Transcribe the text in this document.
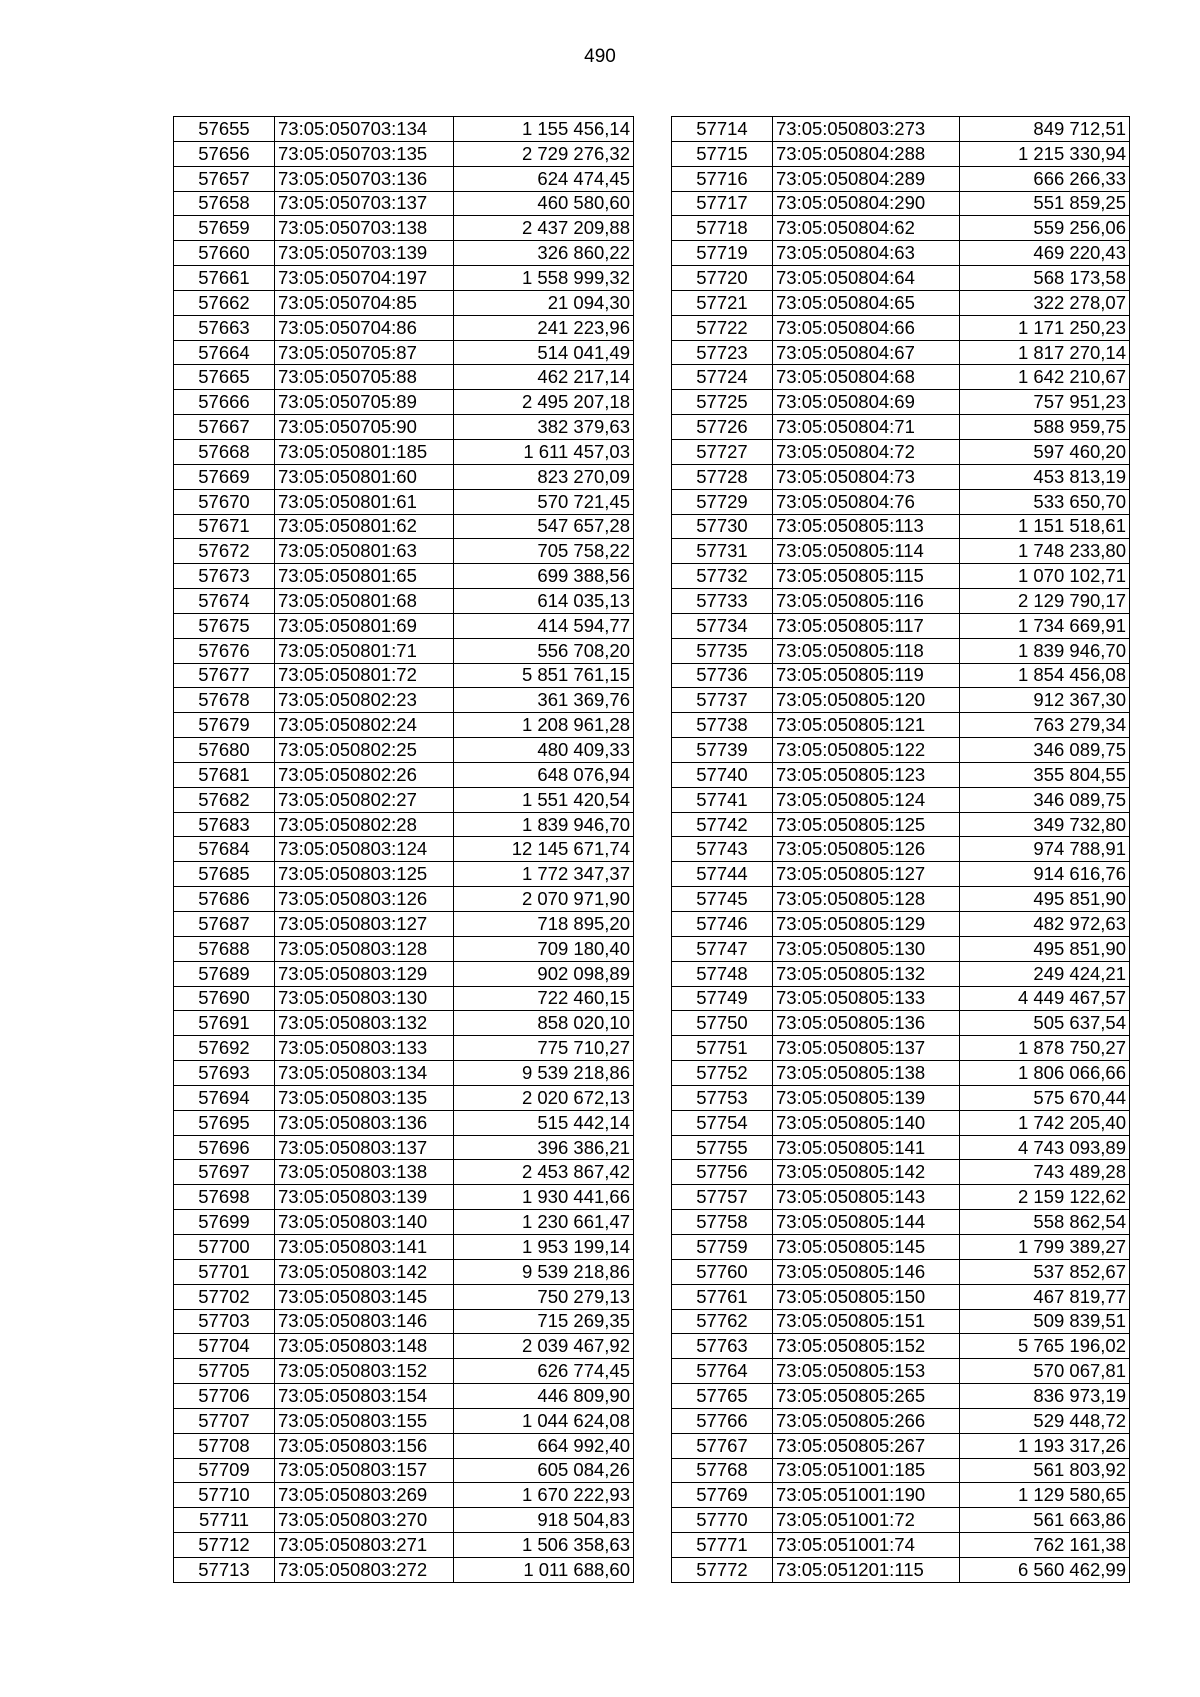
490
57655	73:05:050703:134	1 155 456,14
57656	73:05:050703:135	2 729 276,32
57657	73:05:050703:136	624 474,45
57658	73:05:050703:137	460 580,60
57659	73:05:050703:138	2 437 209,88
57660	73:05:050703:139	326 860,22
57661	73:05:050704:197	1 558 999,32
57662	73:05:050704:85	21 094,30
57663	73:05:050704:86	241 223,96
57664	73:05:050705:87	514 041,49
57665	73:05:050705:88	462 217,14
57666	73:05:050705:89	2 495 207,18
57667	73:05:050705:90	382 379,63
57668	73:05:050801:185	1 611 457,03
57669	73:05:050801:60	823 270,09
57670	73:05:050801:61	570 721,45
57671	73:05:050801:62	547 657,28
57672	73:05:050801:63	705 758,22
57673	73:05:050801:65	699 388,56
57674	73:05:050801:68	614 035,13
57675	73:05:050801:69	414 594,77
57676	73:05:050801:71	556 708,20
57677	73:05:050801:72	5 851 761,15
57678	73:05:050802:23	361 369,76
57679	73:05:050802:24	1 208 961,28
57680	73:05:050802:25	480 409,33
57681	73:05:050802:26	648 076,94
57682	73:05:050802:27	1 551 420,54
57683	73:05:050802:28	1 839 946,70
57684	73:05:050803:124	12 145 671,74
57685	73:05:050803:125	1 772 347,37
57686	73:05:050803:126	2 070 971,90
57687	73:05:050803:127	718 895,20
57688	73:05:050803:128	709 180,40
57689	73:05:050803:129	902 098,89
57690	73:05:050803:130	722 460,15
57691	73:05:050803:132	858 020,10
57692	73:05:050803:133	775 710,27
57693	73:05:050803:134	9 539 218,86
57694	73:05:050803:135	2 020 672,13
57695	73:05:050803:136	515 442,14
57696	73:05:050803:137	396 386,21
57697	73:05:050803:138	2 453 867,42
57698	73:05:050803:139	1 930 441,66
57699	73:05:050803:140	1 230 661,47
57700	73:05:050803:141	1 953 199,14
57701	73:05:050803:142	9 539 218,86
57702	73:05:050803:145	750 279,13
57703	73:05:050803:146	715 269,35
57704	73:05:050803:148	2 039 467,92
57705	73:05:050803:152	626 774,45
57706	73:05:050803:154	446 809,90
57707	73:05:050803:155	1 044 624,08
57708	73:05:050803:156	664 992,40
57709	73:05:050803:157	605 084,26
57710	73:05:050803:269	1 670 222,93
57711	73:05:050803:270	918 504,83
57712	73:05:050803:271	1 506 358,63
57713	73:05:050803:272	1 011 688,60
57714	73:05:050803:273	849 712,51
57715	73:05:050804:288	1 215 330,94
57716	73:05:050804:289	666 266,33
57717	73:05:050804:290	551 859,25
57718	73:05:050804:62	559 256,06
57719	73:05:050804:63	469 220,43
57720	73:05:050804:64	568 173,58
57721	73:05:050804:65	322 278,07
57722	73:05:050804:66	1 171 250,23
57723	73:05:050804:67	1 817 270,14
57724	73:05:050804:68	1 642 210,67
57725	73:05:050804:69	757 951,23
57726	73:05:050804:71	588 959,75
57727	73:05:050804:72	597 460,20
57728	73:05:050804:73	453 813,19
57729	73:05:050804:76	533 650,70
57730	73:05:050805:113	1 151 518,61
57731	73:05:050805:114	1 748 233,80
57732	73:05:050805:115	1 070 102,71
57733	73:05:050805:116	2 129 790,17
57734	73:05:050805:117	1 734 669,91
57735	73:05:050805:118	1 839 946,70
57736	73:05:050805:119	1 854 456,08
57737	73:05:050805:120	912 367,30
57738	73:05:050805:121	763 279,34
57739	73:05:050805:122	346 089,75
57740	73:05:050805:123	355 804,55
57741	73:05:050805:124	346 089,75
57742	73:05:050805:125	349 732,80
57743	73:05:050805:126	974 788,91
57744	73:05:050805:127	914 616,76
57745	73:05:050805:128	495 851,90
57746	73:05:050805:129	482 972,63
57747	73:05:050805:130	495 851,90
57748	73:05:050805:132	249 424,21
57749	73:05:050805:133	4 449 467,57
57750	73:05:050805:136	505 637,54
57751	73:05:050805:137	1 878 750,27
57752	73:05:050805:138	1 806 066,66
57753	73:05:050805:139	575 670,44
57754	73:05:050805:140	1 742 205,40
57755	73:05:050805:141	4 743 093,89
57756	73:05:050805:142	743 489,28
57757	73:05:050805:143	2 159 122,62
57758	73:05:050805:144	558 862,54
57759	73:05:050805:145	1 799 389,27
57760	73:05:050805:146	537 852,67
57761	73:05:050805:150	467 819,77
57762	73:05:050805:151	509 839,51
57763	73:05:050805:152	5 765 196,02
57764	73:05:050805:153	570 067,81
57765	73:05:050805:265	836 973,19
57766	73:05:050805:266	529 448,72
57767	73:05:050805:267	1 193 317,26
57768	73:05:051001:185	561 803,92
57769	73:05:051001:190	1 129 580,65
57770	73:05:051001:72	561 663,86
57771	73:05:051001:74	762 161,38
57772	73:05:051201:115	6 560 462,99
